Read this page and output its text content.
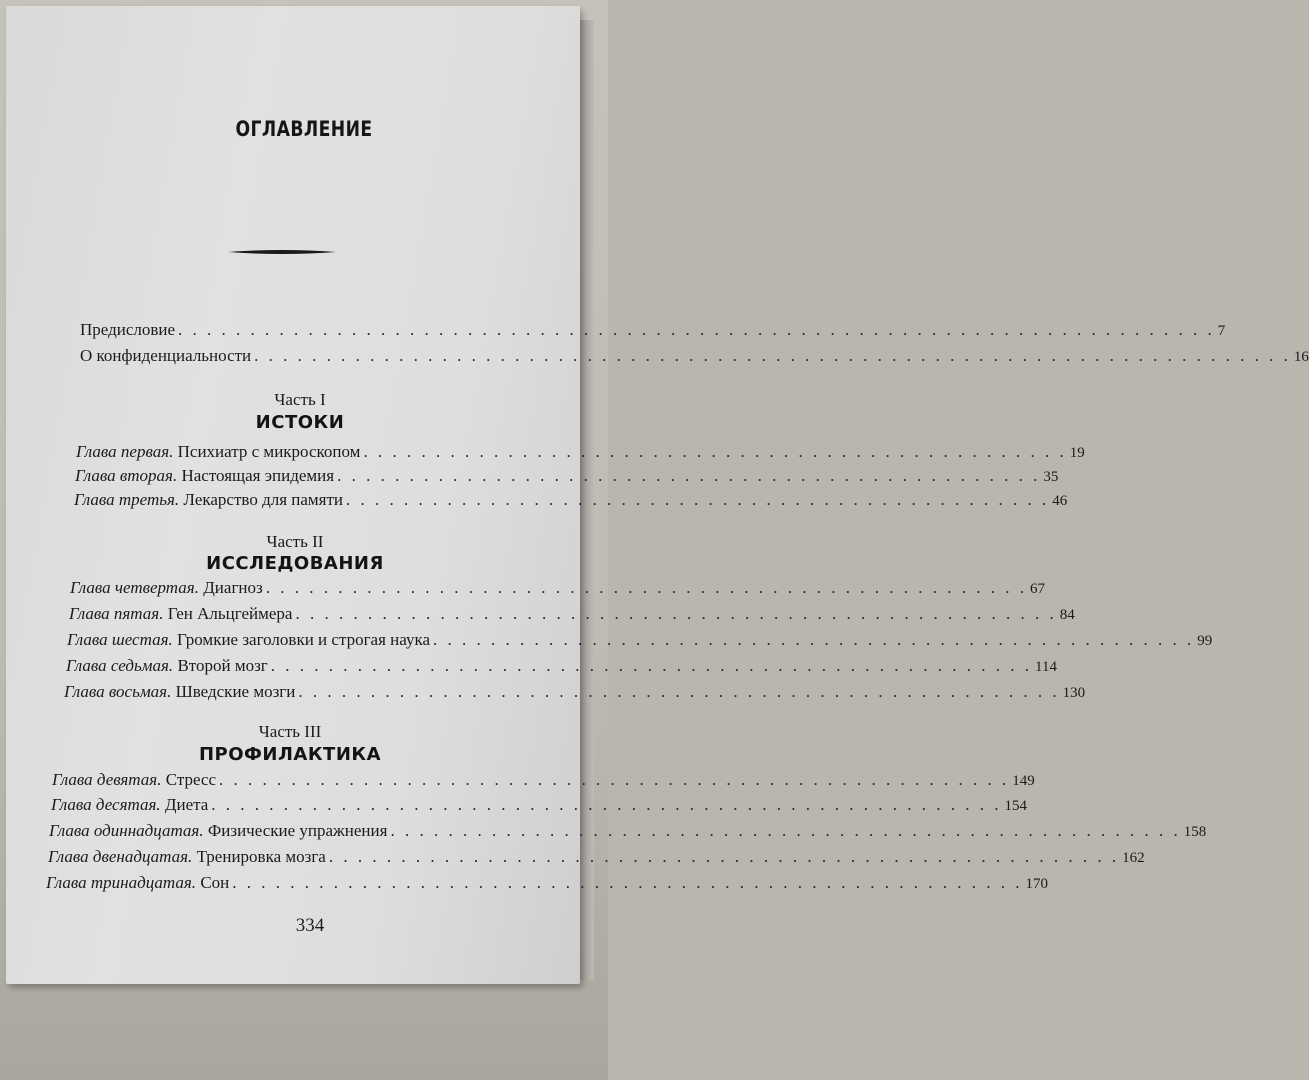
ОГЛАВЛЕНИЕ
Предисловие . . . . . . . . . . . . . . . . . . . . . . . . . . . . . . . . . . . . . . . . . . . . . . . . . . . . . . . . . . . . . . . . . . . . . . . . 7
О конфиденциальности . . . . . . . . . . . . . . . . . . . . . . . . . . . . . . . . . . . . . . . . . . . . . . . . . . . . . . . . . . . . . . . . . . . . . . . . 16
Часть I
ИСТОКИ
Глава первая. Психиатр с микроскопом . . . . . . . . . . . . . . . . . . . . . . . . . . . . . . . . . . . . . . . . . . . . . . . . . 19
Глава вторая. Настоящая эпидемия . . . . . . . . . . . . . . . . . . . . . . . . . . . . . . . . . . . . . . . . . . . . . . . . . 35
Глава третья. Лекарство для памяти . . . . . . . . . . . . . . . . . . . . . . . . . . . . . . . . . . . . . . . . . . . . . . . . . 46
Часть II
ИССЛЕДОВАНИЯ
Глава четвертая. Диагноз . . . . . . . . . . . . . . . . . . . . . . . . . . . . . . . . . . . . . . . . . . . . . . . . . . . . . 67
Глава пятая. Ген Альцгеймера . . . . . . . . . . . . . . . . . . . . . . . . . . . . . . . . . . . . . . . . . . . . . . . . . . . . . 84
Глава шестая. Громкие заголовки и строгая наука . . . . . . . . . . . . . . . . . . . . . . . . . . . . . . . . . . . . . . . . . . . . . . . . . . . . . 99
Глава седьмая. Второй мозг . . . . . . . . . . . . . . . . . . . . . . . . . . . . . . . . . . . . . . . . . . . . . . . . . . . . . 114
Глава восьмая. Шведские мозги . . . . . . . . . . . . . . . . . . . . . . . . . . . . . . . . . . . . . . . . . . . . . . . . . . . . . 130
Часть III
ПРОФИЛАКТИКА
Глава девятая. Стресс . . . . . . . . . . . . . . . . . . . . . . . . . . . . . . . . . . . . . . . . . . . . . . . . . . . . . . . 149
Глава десятая. Диета . . . . . . . . . . . . . . . . . . . . . . . . . . . . . . . . . . . . . . . . . . . . . . . . . . . . . . . 154
Глава одиннадцатая. Физические упражнения . . . . . . . . . . . . . . . . . . . . . . . . . . . . . . . . . . . . . . . . . . . . . . . . . . . . . . . 158
Глава двенадцатая. Тренировка мозга . . . . . . . . . . . . . . . . . . . . . . . . . . . . . . . . . . . . . . . . . . . . . . . . . . . . . . . 162
Глава тринадцатая. Сон . . . . . . . . . . . . . . . . . . . . . . . . . . . . . . . . . . . . . . . . . . . . . . . . . . . . . . . 170
334
